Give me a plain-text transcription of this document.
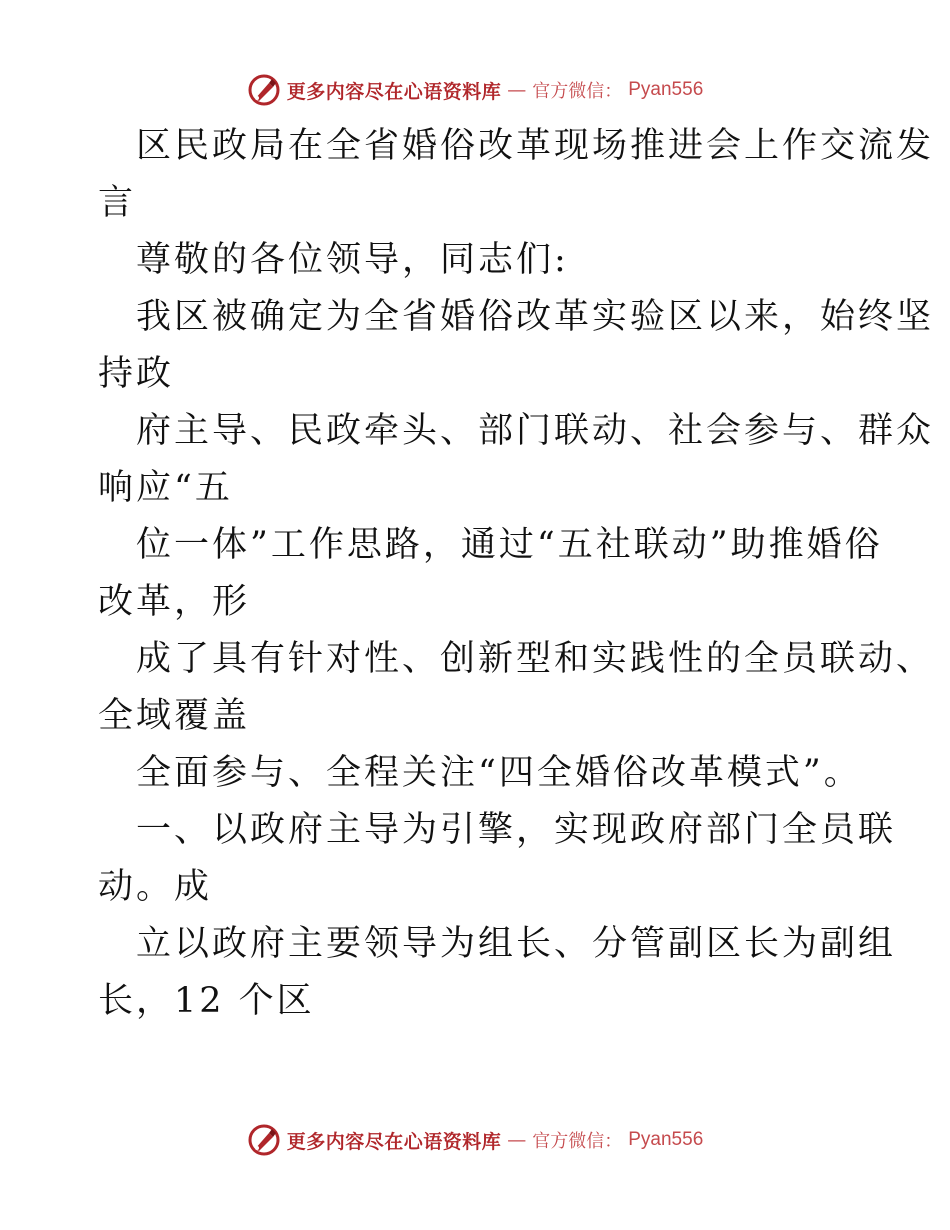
更多内容尽在心语资料库 — 官方微信： Pyan556
区民政局在全省婚俗改革现场推进会上作交流发
言
尊敬的各位领导，同志们:
我区被确定为全省婚俗改革实验区以来，始终坚
持政
府主导、民政牵头、部门联动、社会参与、群众
响应“五
位一体”工作思路，通过“五社联动”助推婚俗
改革，形
成了具有针对性、创新型和实践性的全员联动、
全域覆盖
全面参与、全程关注“四全婚俗改革模式”。
一、以政府主导为引擎，实现政府部门全员联
动。成
立以政府主要领导为组长、分管副区长为副组
长，12 个区
更多内容尽在心语资料库 — 官方微信： Pyan556
